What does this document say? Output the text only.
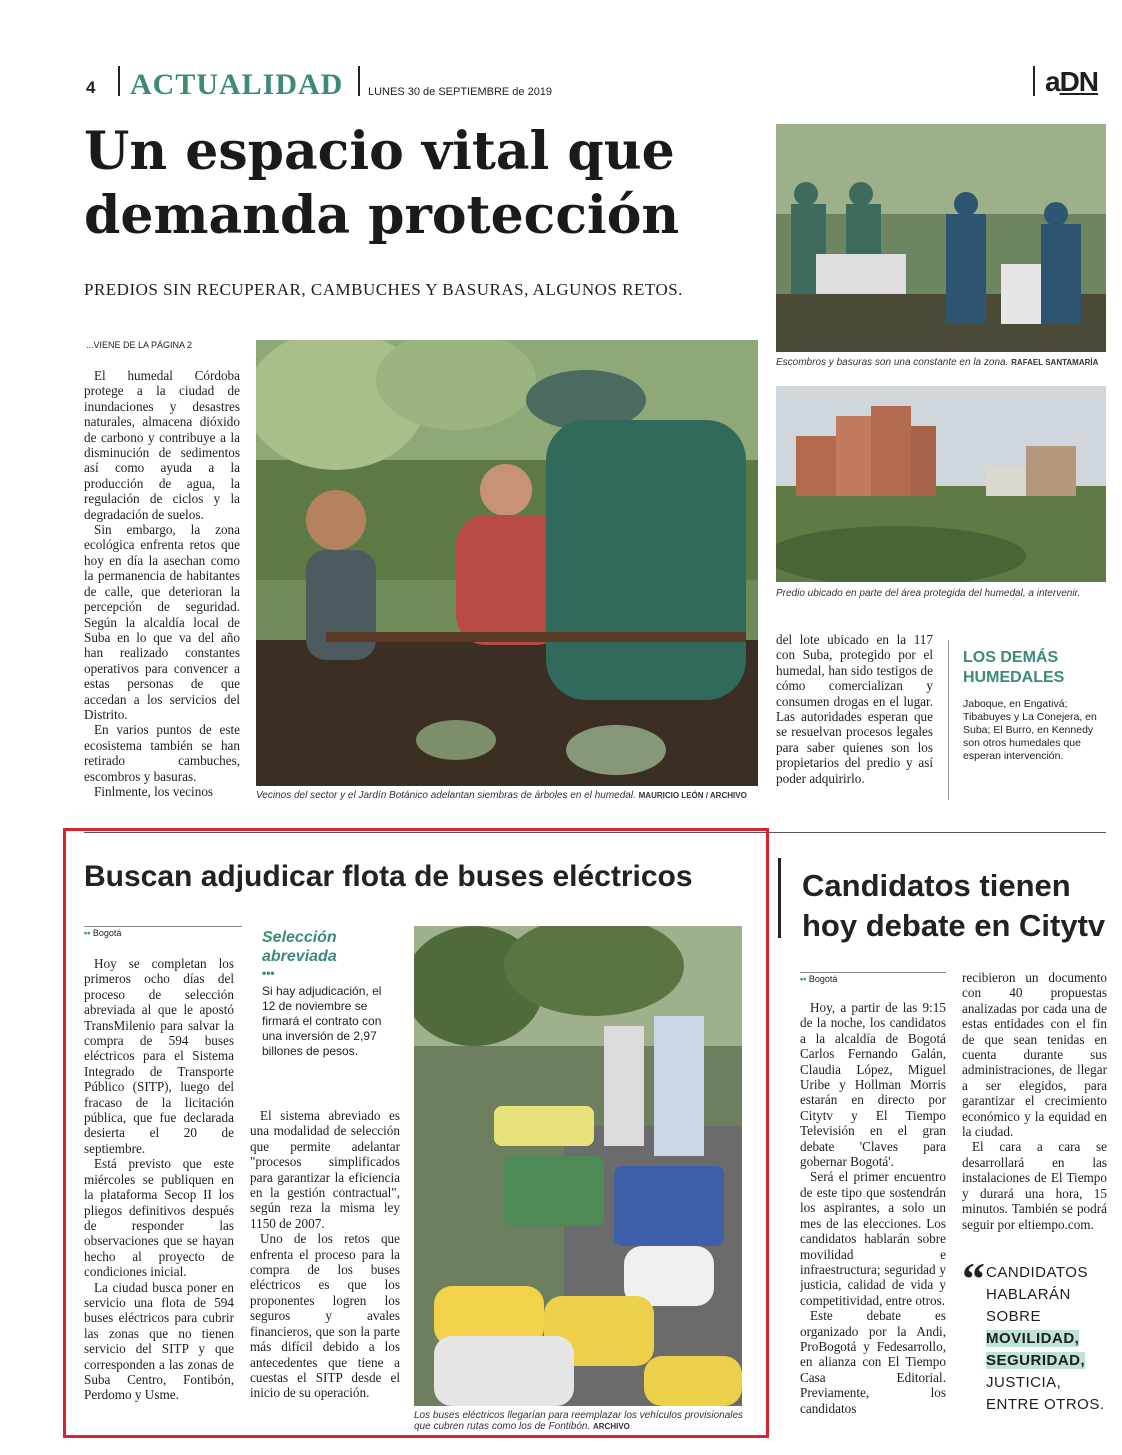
4 ACTUALIDAD LUNES 30 de SEPTIEMBRE de 2019	aDN
Un espacio vital que demanda protección
PREDIOS SIN RECUPERAR, CAMBUCHES Y BASURAS, ALGUNOS RETOS.
...VIENE DE LA PÁGINA 2

El humedal Córdoba protege a la ciudad de inundaciones y desastres naturales, almacena dióxido de carbono y contribuye a la disminución de sedimentos así como ayuda a la producción de agua, la regulación de ciclos y la degradación de suelos.

Sin embargo, la zona ecológica enfrenta retos que hoy en día la asechan como la permanencia de habitantes de calle, que deterioran la percepción de seguridad. Según la alcaldía local de Suba en lo que va del año han realizado constantes operativos para convencer a estas personas de que accedan a los servicios del Distrito.

En varios puntos de este ecosistema también se han retirado cambuches, escombros y basuras.

Finlmente, los vecinos	Vecinos del sector y el Jardín Botánico adelantan siembras de árboles en el humedal. MAURICIO LEÓN / ARCHIVO
Escombros y basuras son una constante en la zona. RAFAEL SANTAMARÍA
Predio ubicado en parte del área protegida del humedal, a intervenir.

del lote ubicado en la 117 con Suba, protegido por el humedal, han sido testigos de cómo comercializan y consumen drogas en el lugar. Las autoridades esperan que se resuelvan procesos legales para saber quienes son los propietarios del predio y así poder adquirirlo.

LOS DEMÁS HUMEDALES

Jaboque, en Engativá; Tibabuyes y La Conejera, en Suba; El Burro, en Kennedy son otros humedales que esperan intervención.

Buscan adjudicar flota de buses eléctricos
•• Bogotá

Hoy se completan los primeros ocho días del proceso de selección abreviada al que le apostó TransMilenio para salvar la compra de 594 buses eléctricos para el Sistema Integrado de Transporte Público (SITP), luego del fracaso de la licitación pública, que fue declarada desierta el 20 de septiembre.

Está previsto que este miércoles se publiquen en la plataforma Secop II los pliegos definitivos después de responder las observaciones que se hayan hecho al proyecto de condiciones inicial.

La ciudad busca poner en servicio una flota de 594 buses eléctricos para cubrir las zonas que no tienen servicio del SITP y que corresponden a las zonas de Suba Centro, Fontibón, Perdomo y Usme.

Selección abreviada
•••
Si hay adjudicación, el 12 de noviembre se firmará el contrato con una inversión de 2,97 billones de pesos.

El sistema abreviado es una modalidad de selección que permite adelantar "procesos simplificados para garantizar la eficiencia en la gestión contractual", según reza la misma ley 1150 de 2007.

Uno de los retos que enfrenta el proceso para la compra de los buses eléctricos es que los proponentes logren los seguros y avales financieros, que son la parte más difícil debido a los antecedentes que tiene a cuestas el SITP desde el inicio de su operación.

Los buses eléctricos llegarían para reemplazar los vehículos provisionales que cubren rutas como los de Fontibón. ARCHIVO
Candidatos tienen hoy debate en Citytv
•• Bogotá

Hoy, a partir de las 9:15 de la noche, los candidatos a la alcaldía de Bogotá Carlos Fernando Galán, Claudia López, Miguel Uribe y Hollman Morris estarán en directo por Citytv y El Tiempo Televisión en el gran debate 'Claves para gobernar Bogotá'.

Será el primer encuentro de este tipo que sostendrán los aspirantes, a solo un mes de las elecciones. Los candidatos hablarán sobre movilidad e infraestructura; seguridad y justicia, calidad de vida y competitividad, entre otros.

Este debate es organizado por la Andi, ProBogotá y Fedesarrollo, en alianza con El Tiempo Casa Editorial. Previamente, los candidatos

recibieron un documento con 40 propuestas analizadas por cada una de estas entidades con el fin de que sean tenidas en cuenta durante sus administraciones, de llegar a ser elegidos, para garantizar el crecimiento económico y la equidad en la ciudad.

El cara a cara se desarrollará en las instalaciones de El Tiempo y durará una hora, 15 minutos. También se podrá seguir por eltiempo.com.

“ CANDIDATOS
HABLARÁN
SOBRE
MOVILIDAD,
SEGURIDAD,
JUSTICIA,
ENTRE OTROS.
